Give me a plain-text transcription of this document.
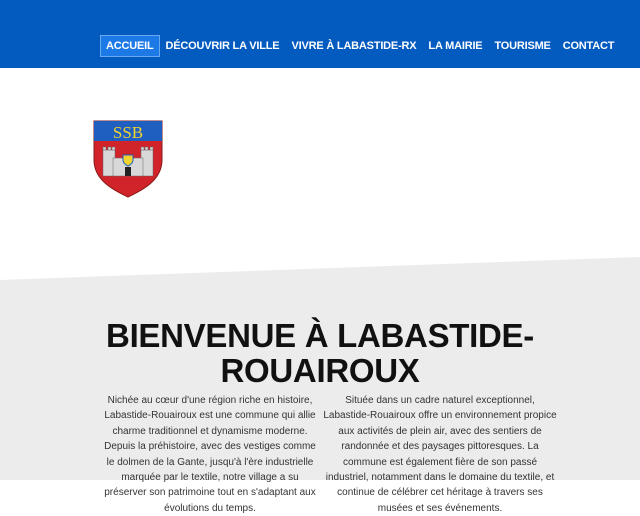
ACCUEIL	DÉCOUVRIR LA VILLE	VIVRE À LABASTIDE-RX	LA MAIRIE	TOURISME	CONTACT
SSB
BIENVENUE À LABASTIDE-ROUAIROUX

Nichée au cœur d'une région riche en histoire, Labastide-Rouairoux est une commune qui allie charme traditionnel et dynamisme moderne. Depuis la préhistoire, avec des vestiges comme le dolmen de la Gante, jusqu'à l'ère industrielle marquée par le textile, notre village a su préserver son patrimoine tout en s'adaptant aux évolutions du temps.

Située dans un cadre naturel exceptionnel, Labastide-Rouairoux offre un environnement propice aux activités de plein air, avec des sentiers de randonnée et des paysages pittoresques. La commune est également fière de son passé industriel, notamment dans le domaine du textile, et continue de célébrer cet héritage à travers ses musées et ses événements.
